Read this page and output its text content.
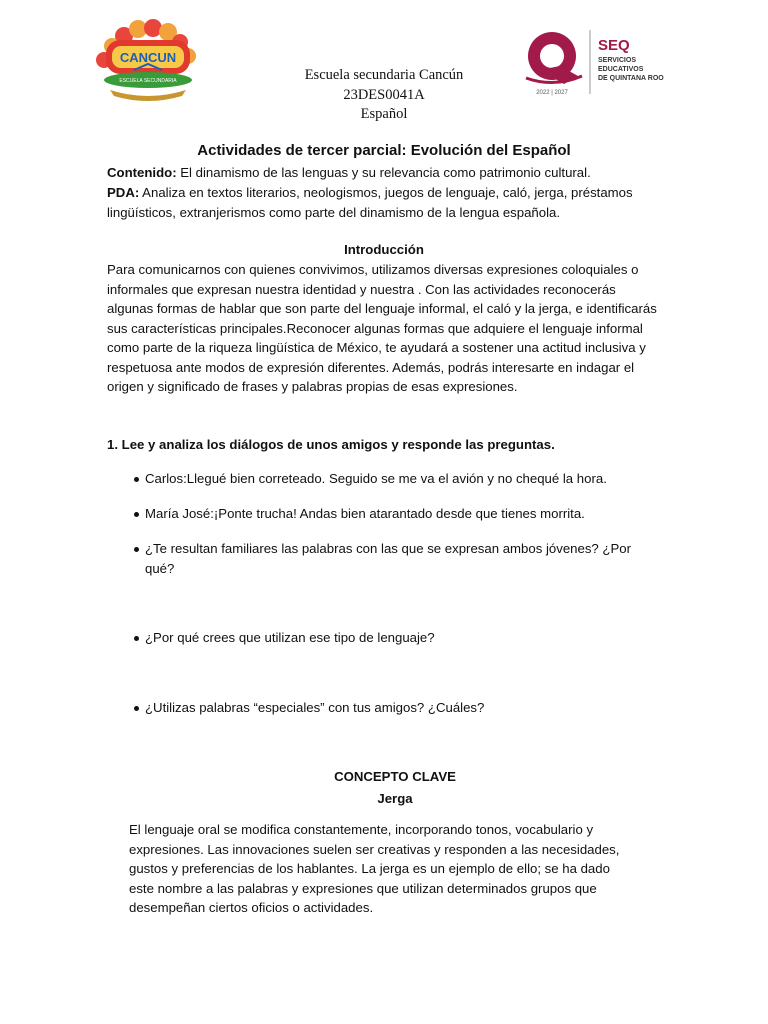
CANCUN
ESCUELA SECUNDARIA	Escuela secundaria Cancún
23DES0041A
Español
2022 | 2027
SEQ
SERVICIOS
EDUCATIVOS
DE QUINTANA ROO
Actividades de tercer parcial: Evolución del Español
Contenido: El dinamismo de las lenguas y su relevancia como patrimonio cultural.
PDA: Analiza en textos literarios, neologismos, juegos de lenguaje, caló, jerga, préstamos lingüísticos, extranjerismos como parte del dinamismo de la lengua española.
Introducción
Para comunicarnos con quienes convivimos, utilizamos diversas expresiones coloquiales o informales que expresan nuestra identidad y nuestra . Con las actividades reconocerás algunas formas de hablar que son parte del lenguaje informal, el caló y la jerga, e identificarás sus características principales.Reconocer algunas formas que adquiere el lenguaje informal como parte de la riqueza lingüística de México, te ayudará a sostener una actitud inclusiva y respetuosa ante modos de expresión diferentes. Además, podrás interesarte en indagar el origen y significado de frases y palabras propias de esas expresiones.
1. Lee y analiza los diálogos de unos amigos y responde las preguntas.
Carlos:Llegué bien correteado. Seguido se me va el avión y no chequé la hora.
María José:¡Ponte trucha! Andas bien atarantado desde que tienes morrita.
¿Te resultan familiares las palabras con las que se expresan ambos jóvenes? ¿Por qué?
¿Por qué crees que utilizan ese tipo de lenguaje?
¿Utilizas palabras “especiales” con tus amigos? ¿Cuáles?
CONCEPTO CLAVE
Jerga
El lenguaje oral se modifica constantemente, incorporando tonos, vocabulario y expresiones. Las innovaciones suelen ser creativas y responden a las necesidades, gustos y preferencias de los hablantes. La jerga es un ejemplo de ello; se ha dado este nombre a las palabras y expresiones que utilizan determinados grupos que desempeñan ciertos oficios o actividades.
